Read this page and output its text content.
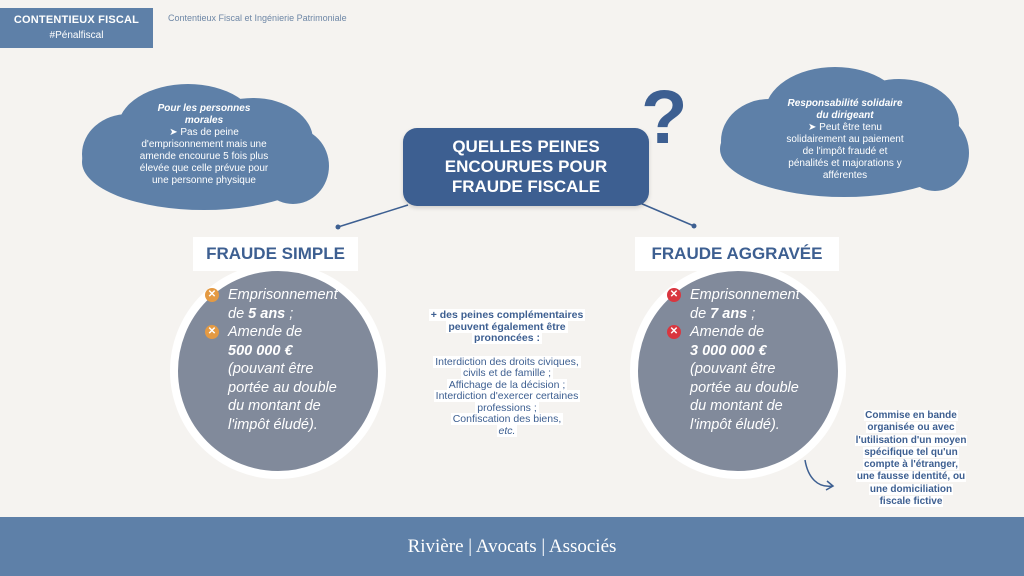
CONTENTIEUX FISCAL
#Pénalfiscal
Contentieux Fiscal et Ingénierie Patrimoniale
Pour les personnes
morales
➤ Pas de peine
d'emprisonnement mais une
amende encourue 5 fois plus
élevée que celle prévue pour
une personne physique
Responsabilité solidaire
du dirigeant
➤ Peut être tenu
solidairement au paiement
de l'impôt fraudé et
pénalités et majorations y
afférentes
QUELLES PEINES
ENCOURUES POUR
FRAUDE FISCALE
?
FRAUDE SIMPLE	FRAUDE AGGRAVÉE
✕ Emprisonnement
de 5 ans ;
✕ Amende de
500 000 €
(pouvant être
portée au double
du montant de
l'impôt éludé).
✕ Emprisonnement
de 7 ans ;
✕ Amende de
3 000 000 €
(pouvant être
portée au double
du montant de
l'impôt éludé).
+ des peines complémentaires
peuvent également être
prononcées :
Interdiction des droits civiques,
civils et de famille ;
Affichage de la décision ;
Interdiction d'exercer certaines
professions ;
Confiscation des biens,
etc.
Commise en bande
organisée ou avec
l'utilisation d'un moyen
spécifique tel qu'un
compte à l'étranger,
une fausse identité, ou
une domiciliation
fiscale fictive
Rivière | Avocats | Associés
